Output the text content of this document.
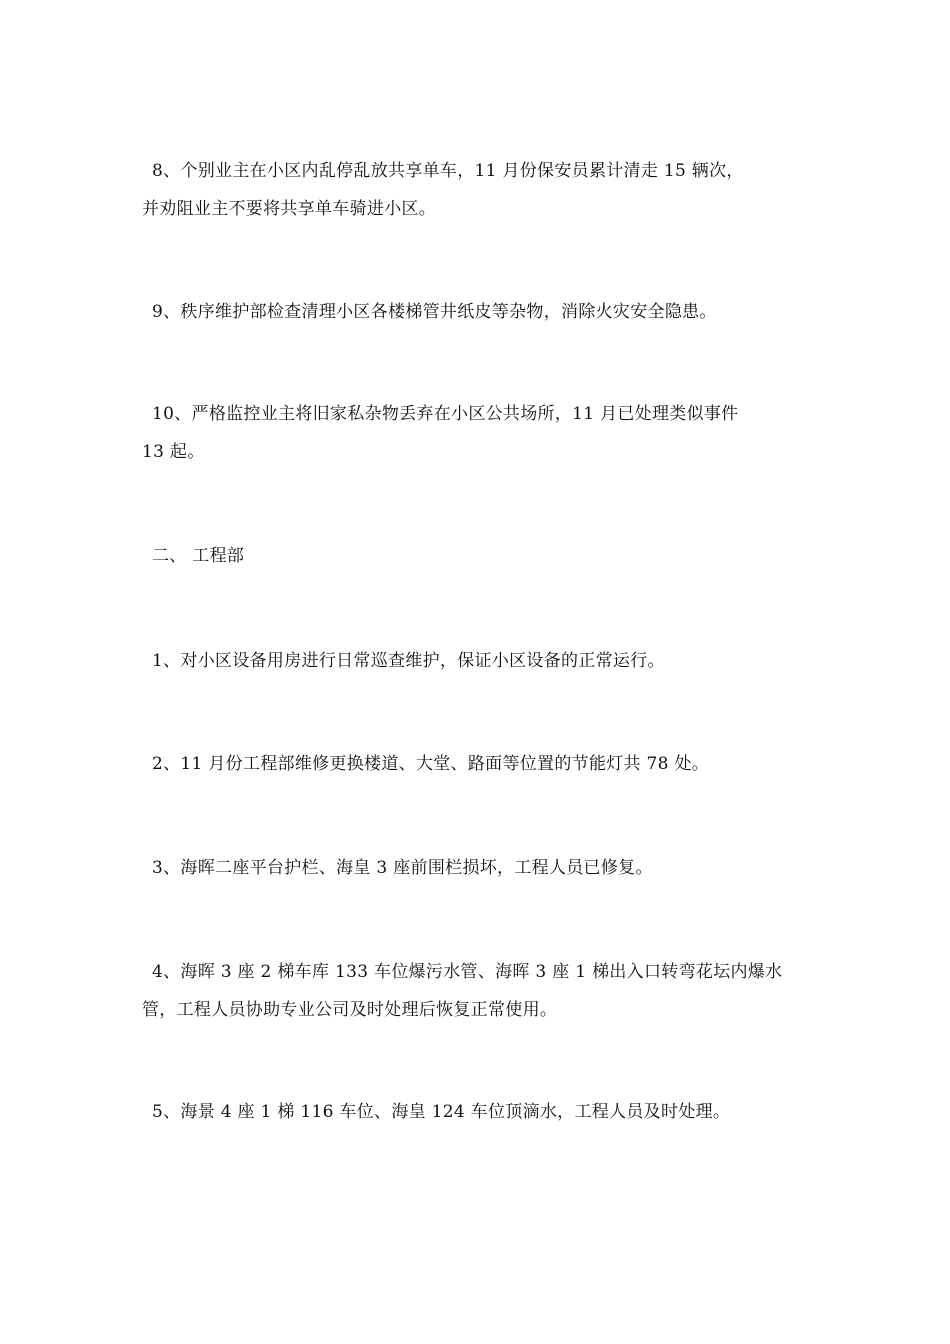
8、个别业主在小区内乱停乱放共享单车，11 月份保安员累计清走 15 辆次，
并劝阻业主不要将共享单车骑进小区。
9、秩序维护部检查清理小区各楼梯管井纸皮等杂物，消除火灾安全隐患。
10、严格监控业主将旧家私杂物丢弃在小区公共场所，11 月已处理类似事件
13 起。
二、 工程部
1、对小区设备用房进行日常巡查维护，保证小区设备的正常运行。
2、11 月份工程部维修更换楼道、大堂、路面等位置的节能灯共 78 处。
3、海晖二座平台护栏、海皇 3 座前围栏损坏，工程人员已修复。
4、海晖 3 座 2 梯车库 133 车位爆污水管、海晖 3 座 1 梯出入口转弯花坛内爆水
管，工程人员协助专业公司及时处理后恢复正常使用。
5、海景 4 座 1 梯 116 车位、海皇 124 车位顶滴水，工程人员及时处理。
